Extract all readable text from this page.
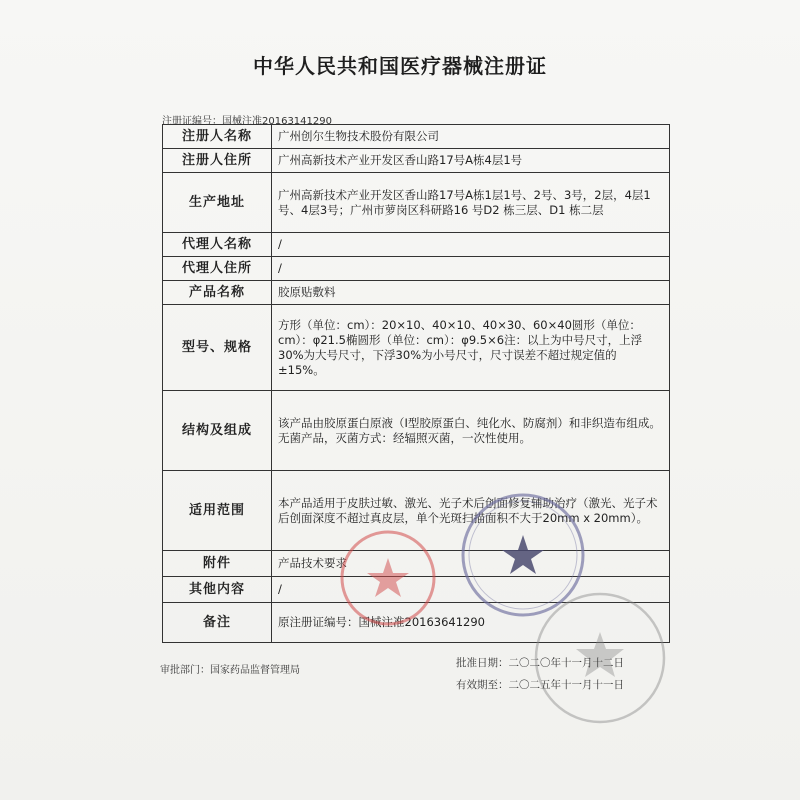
中华人民共和国医疗器械注册证
注册证编号：国械注准20163141290
注册人名称	广州创尔生物技术股份有限公司
注册人住所	广州高新技术产业开发区香山路17号A栋4层1号
生产地址	广州高新技术产业开发区香山路17号A栋1层1号、2号、3号，2层，4层1号、4层3号；广州市萝岗区科研路16 号D2 栋三层、D1 栋二层
代理人名称	/
代理人住所	/
产品名称	胶原贴敷料
型号、规格	方形（单位：cm）：20×10、40×10、40×30、60×40圆形（单位：cm）：φ21.5椭圆形（单位：cm）：φ9.5×6注：以上为中号尺寸，上浮30%为大号尺寸，下浮30%为小号尺寸，尺寸误差不超过规定值的±15%。
结构及组成	该产品由胶原蛋白原液（I型胶原蛋白、纯化水、防腐剂）和非织造布组成。无菌产品，灭菌方式：经辐照灭菌，一次性使用。
适用范围	本产品适用于皮肤过敏、激光、光子术后创面修复辅助治疗（激光、光子术后创面深度不超过真皮层，单个光斑扫描面积不大于20mm x 20mm）。
附件	产品技术要求
其他内容	/
备注	原注册证编号：国械注准20163641290
​
审批部门：国家药品监督管理局
批准日期：二〇二〇年十一月十二日
有效期至：二〇二五年十一月十一日
